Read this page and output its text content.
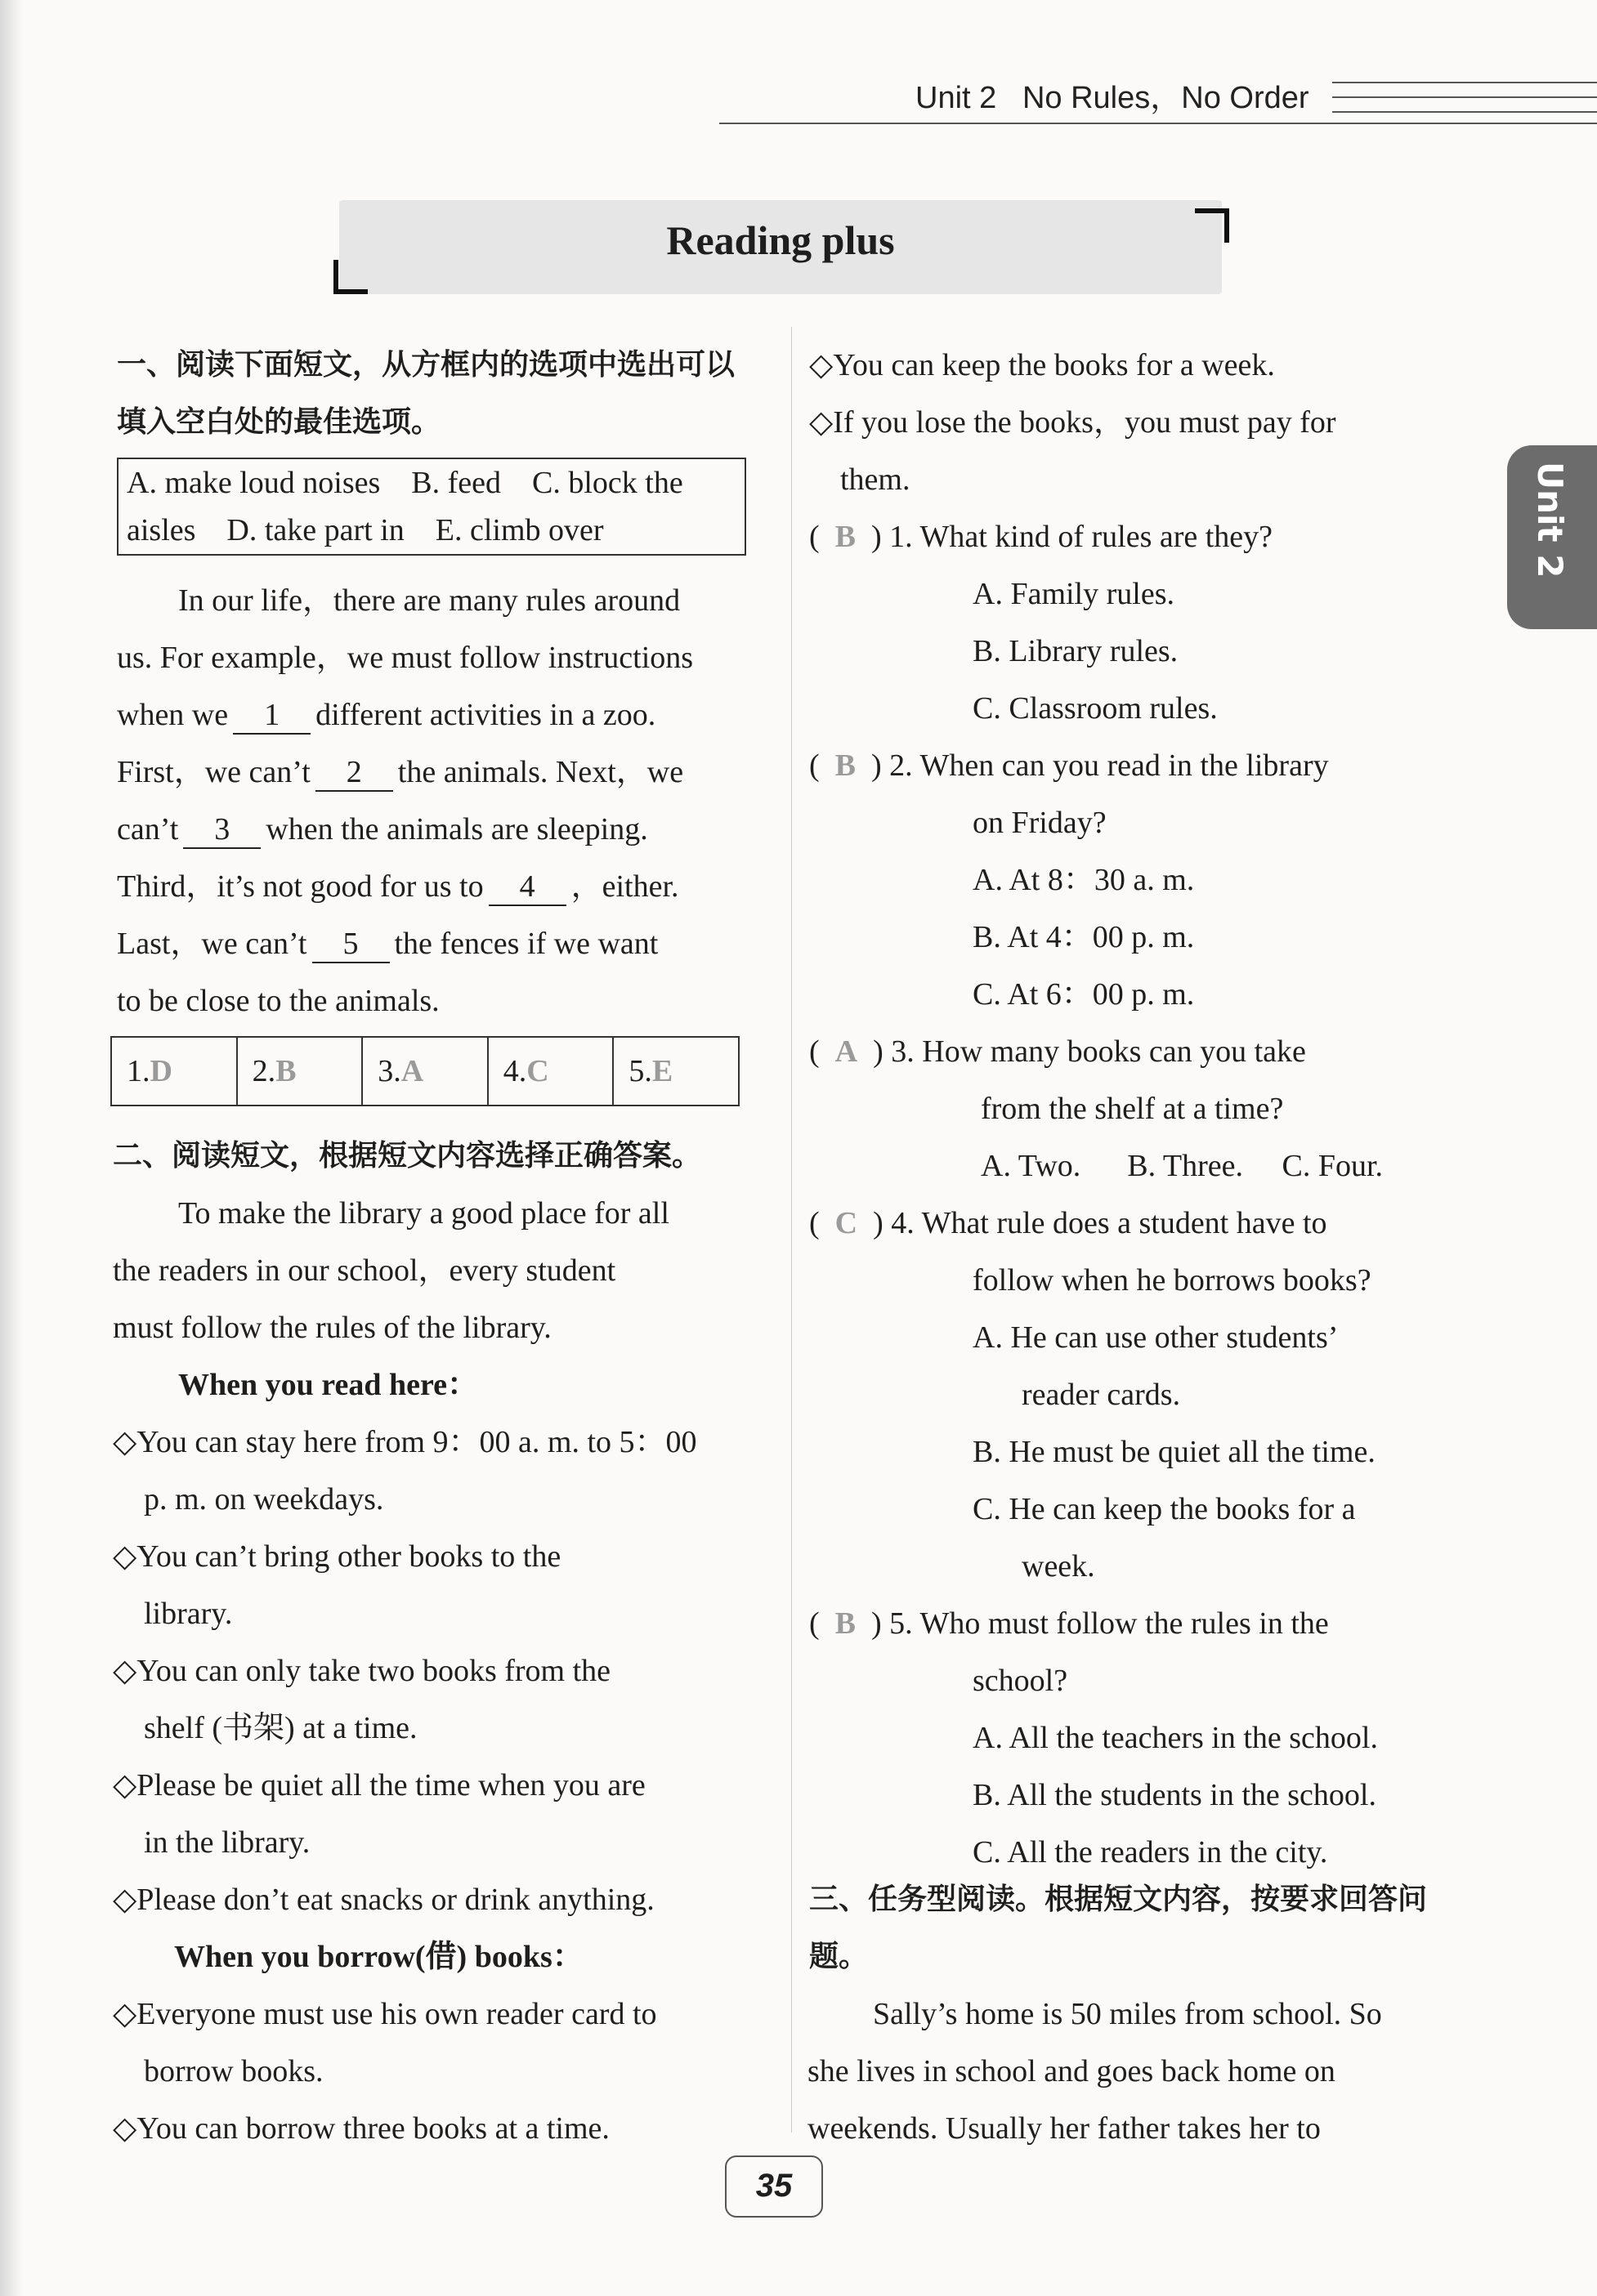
Unit 2 No Rules，No Order
Unit 2
Reading plus
一、阅读下面短文，从方框内的选项中选出可以填入空白处的最佳选项。
A. make loud noises    B. feed    C. block the
aisles    D. take part in    E. climb over
In our life，there are many rules around
us. For example，we must follow instructions
when we 1 different activities in a zoo.
First，we can’t 2 the animals. Next，we
can’t 3 when the animals are sleeping.
Third，it’s not good for us to 4 ，either.
Last，we can’t 5 the fences if we want
to be close to the animals.
1.D	2.B	3.A	4.C	5.E
二、阅读短文，根据短文内容选择正确答案。
To make the library a good place for all
the readers in our school，every student
must follow the rules of the library.
When you read here：
◇You can stay here from 9：00 a. m. to 5：00
p. m. on weekdays.
◇You can’t bring other books to the
library.
◇You can only take two books from the
shelf (书架) at a time.
◇Please be quiet all the time when you are
in the library.
◇Please don’t eat snacks or drink anything.
When you borrow(借) books：
◇Everyone must use his own reader card to
borrow books.
◇You can borrow three books at a time.
◇You can keep the books for a week.
◇If you lose the books，you must pay for
them.
(  B  ) 1. What kind of rules are they?
A. Family rules.
B. Library rules.
C. Classroom rules.
(  B  ) 2. When can you read in the library
on Friday?
A. At 8：30 a. m.
B. At 4：00 p. m.
C. At 6：00 p. m.
(  A  ) 3. How many books can you take
from the shelf at a time?
A. Two.      B. Three.     C. Four.
(  C  ) 4. What rule does a student have to
follow when he borrows books?
A. He can use other students’
reader cards.
B. He must be quiet all the time.
C. He can keep the books for a
week.
(  B  ) 5. Who must follow the rules in the
school?
A. All the teachers in the school.
B. All the students in the school.
C. All the readers in the city.
三、任务型阅读。根据短文内容，按要求回答问题。
Sally’s home is 50 miles from school. So
she lives in school and goes back home on
weekends. Usually her father takes her to
35
